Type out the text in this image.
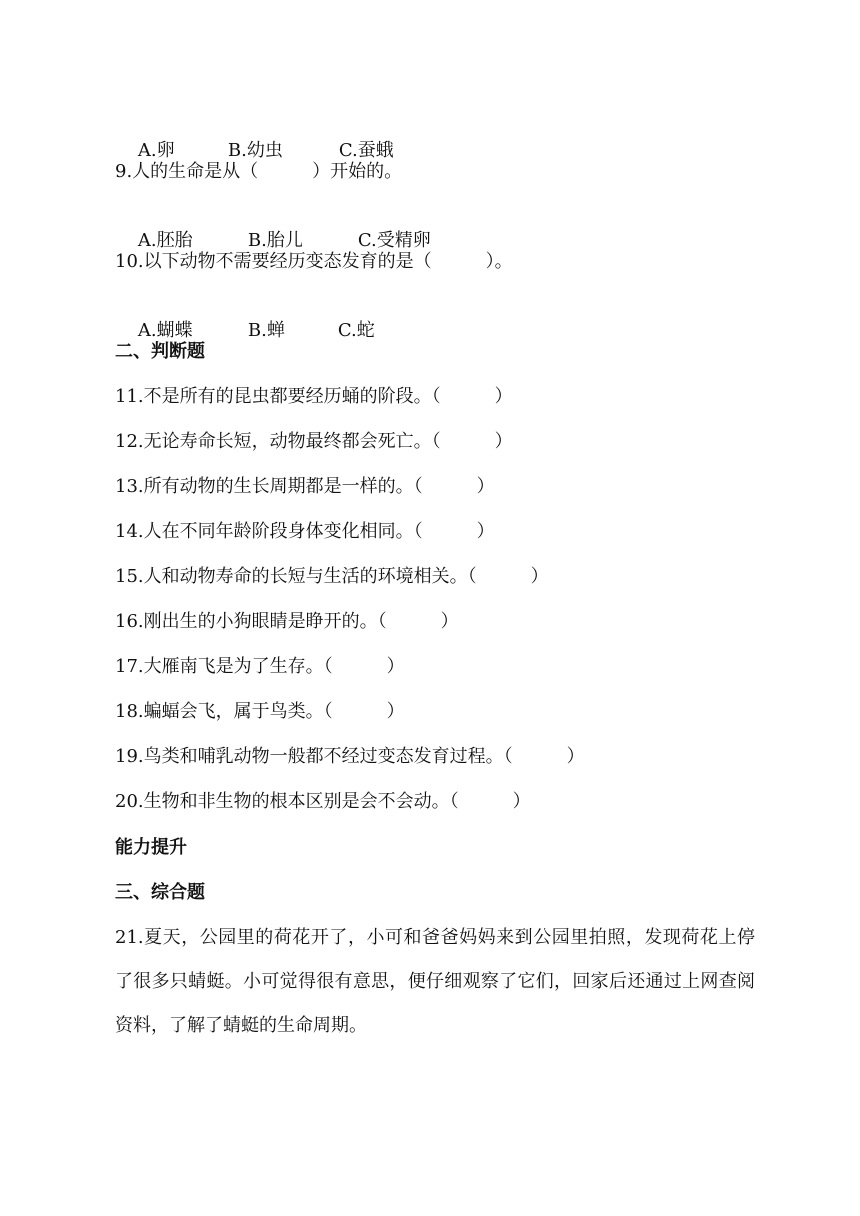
A.卵	B.幼虫	C.蚕蛾

9.人的生命是从（　　　）开始的。

A.胚胎	B.胎儿	C.受精卵

10.以下动物不需要经历变态发育的是（　　　）。

A.蝴蝶	B.蝉	C.蛇

二、判断题
11.不是所有的昆虫都要经历蛹的阶段。（　　　）
12.无论寿命长短，动物最终都会死亡。（　　　）
13.所有动物的生长周期都是一样的。（　　　）
14.人在不同年龄阶段身体变化相同。（　　　）
15.人和动物寿命的长短与生活的环境相关。（　　　）
16.刚出生的小狗眼睛是睁开的。（　　　）
17.大雁南飞是为了生存。（　　　）
18.蝙蝠会飞，属于鸟类。（　　　）
19.鸟类和哺乳动物一般都不经过变态发育过程。（　　　）
20.生物和非生物的根本区别是会不会动。（　　　）
能力提升
三、综合题
21.夏天，公园里的荷花开了，小可和爸爸妈妈来到公园里拍照，发现荷花上停了很多只蜻蜓。小可觉得很有意思，便仔细观察了它们，回家后还通过上网查阅资料，了解了蜻蜓的生命周期。
